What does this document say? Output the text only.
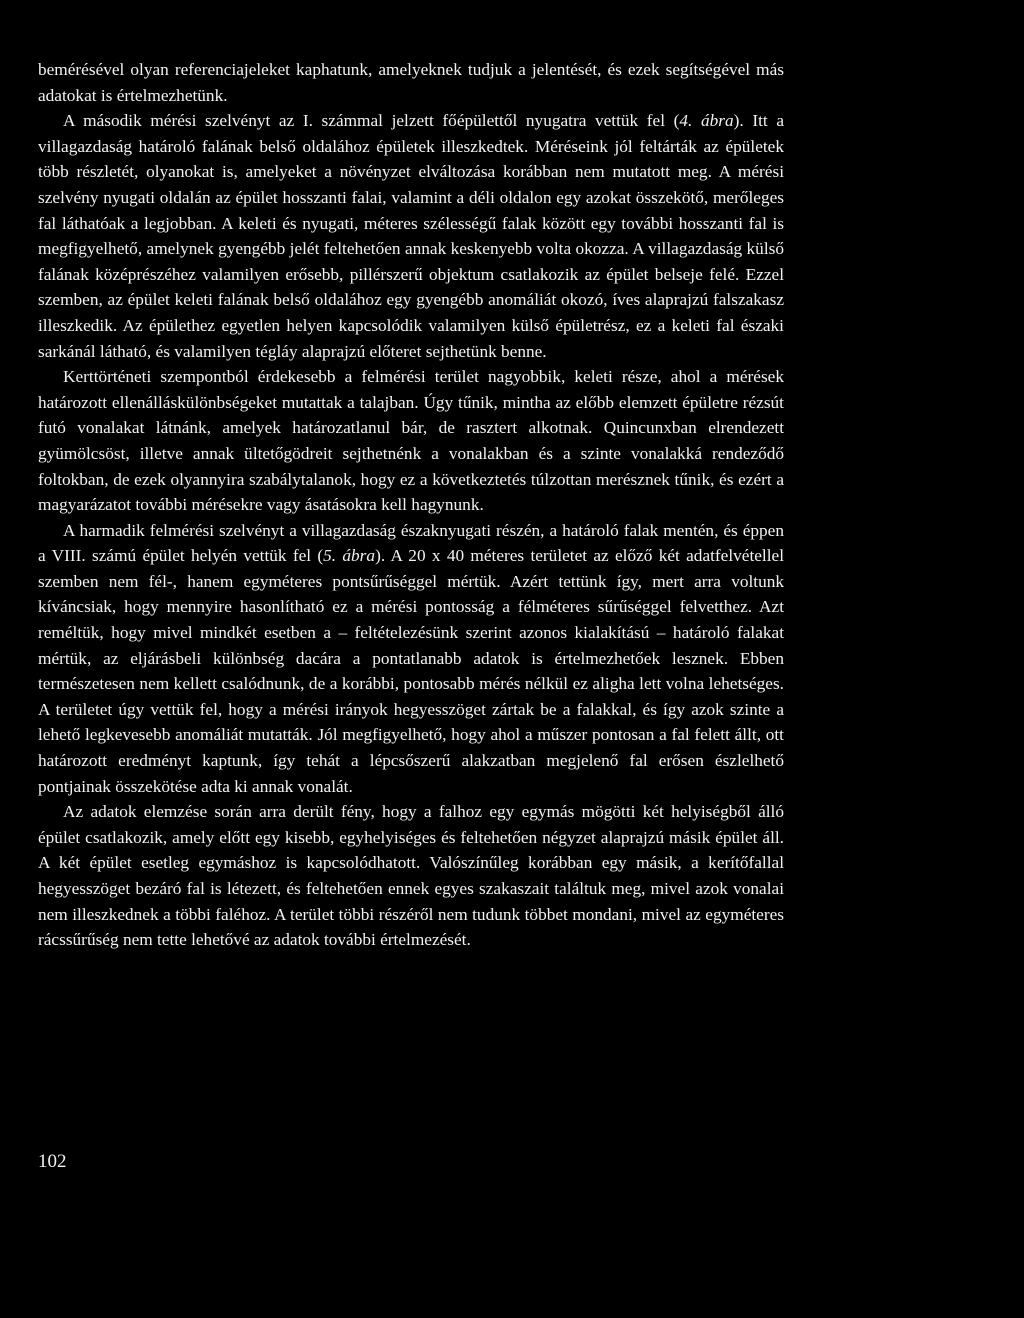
bemérésével olyan referenciajeleket kaphatunk, amelyeknek tudjuk a jelentését, és ezek segítségével más adatokat is értelmezhetünk.

A második mérési szelvényt az I. számmal jelzett főépülettől nyugatra vettük fel (4. ábra). Itt a villagazdaság határoló falának belső oldalához épületek illeszkedtek. Méréseink jól feltárták az épületek több részletét, olyanokat is, amelyeket a növényzet elváltozása korábban nem mutatott meg. A mérési szelvény nyugati oldalán az épület hosszanti falai, valamint a déli oldalon egy azokat összekötő, merőleges fal láthatóak a legjobban. A keleti és nyugati, méteres szélességű falak között egy további hosszanti fal is megfigyelhető, amelynek gyengébb jelét feltehetően annak keskenyebb volta okozza. A villagazdaság külső falának középrészéhez valamilyen erősebb, pillérszerű objektum csatlakozik az épület belseje felé. Ezzel szemben, az épület keleti falának belső oldalához egy gyengébb anomáliát okozó, íves alaprajzú falszakasz illeszkedik. Az épülethez egyetlen helyen kapcsolódik valamilyen külső épületrész, ez a keleti fal északi sarkánál látható, és valamilyen tégláy alaprajzú előteret sejthetünk benne.

Kerttörténeti szempontból érdekesebb a felmérési terület nagyobbik, keleti része, ahol a mérések határozott ellenálláskülönbségeket mutattak a talajban. Úgy tűnik, mintha az előbb elemzett épületre rézsút futó vonalakat látnánk, amelyek határozatlanul bár, de rasztert alkotnak. Quincunxban elrendezett gyümölcsöst, illetve annak ültetőgödreit sejthetnénk a vonalakban és a szinte vonalakká rendeződő foltokban, de ezek olyannyira szabálytalanok, hogy ez a következtetés túlzottan merésznek tűnik, és ezért a magyarázatot további mérésekre vagy ásatásokra kell hagynunk.

A harmadik felmérési szelvényt a villagazdaság északnyugati részén, a határoló falak mentén, és éppen a VIII. számú épület helyén vettük fel (5. ábra). A 20 x 40 méteres területet az előző két adatfelvétellel szemben nem fél-, hanem egyméteres pontsűrűséggel mértük. Azért tettünk így, mert arra voltunk kíváncsiak, hogy mennyire hasonlítható ez a mérési pontosság a félméteres sűrűséggel felvetthez. Azt reméltük, hogy mivel mindkét esetben a – feltételezésünk szerint azonos kialakítású – határoló falakat mértük, az eljárásbeli különbség dacára a pontatlanabb adatok is értelmezhetőek lesznek. Ebben természetesen nem kellett csalódnunk, de a korábbi, pontosabb mérés nélkül ez aligha lett volna lehetséges. A területet úgy vettük fel, hogy a mérési irányok hegyesszöget zártak be a falakkal, és így azok szinte a lehető legkevesebb anomáliát mutatták. Jól megfigyelhető, hogy ahol a műszer pontosan a fal felett állt, ott határozott eredményt kaptunk, így tehát a lépcsőszerű alakzatban megjelenő fal erősen észlelhető pontjainak összekötése adta ki annak vonalát.

Az adatok elemzése során arra derült fény, hogy a falhoz egy egymás mögötti két helyiségből álló épület csatlakozik, amely előtt egy kisebb, egyhelyiséges és feltehetően négyzet alaprajzú másik épület áll. A két épület esetleg egymáshoz is kapcsolódhatott. Valószínűleg korábban egy másik, a kerítőfallal hegyesszöget bezáró fal is létezett, és feltehetően ennek egyes szakaszait találtuk meg, mivel azok vonalai nem illeszkednek a többi faléhoz. A terület többi részéről nem tudunk többet mondani, mivel az egyméteres rácssűrűség nem tette lehetővé az adatok további értelmezését.

102
